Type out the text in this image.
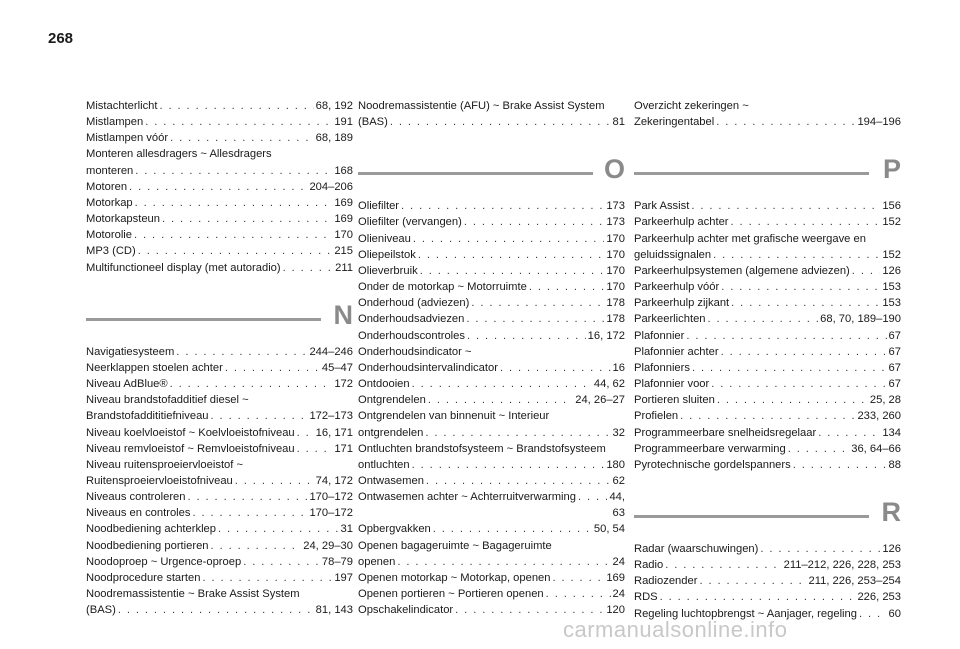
268
Mistachterlicht . . .	68, 192
Mistlampen . . .	191
Mistlampen vóór . . .	68, 189
Monteren allesdragers ~ Allesdragers
monteren . . .	168
Motoren . . .	204–206
Motorkap . . .	169
Motorkapsteun . . .	169
Motorolie . . .	170
MP3 (CD) . . .	215
Multifunctioneel display (met autoradio) . . .	211
N
Navigatiesysteem . . .	244–246
Neerklappen stoelen achter . . .	45–47
Niveau AdBlue® . . .	172
Niveau brandstofadditief diesel ~
Brandstofaddititiefniveau . . .	172–173
Niveau koelvloeistof ~ Koelvloeistofniveau . . . 16, 171
Niveau remvloeistof ~ Remvloeistofniveau . . .	171
Niveau ruitensproeiervloeistof ~
Ruitensproeiervloeistofniveau . . .	74, 172
Niveaus controleren . . .	170–172
Niveaus en controles . . .	170–172
Noodbediening achterklep . . .	31
Noodbediening portieren . . .	24, 29–30
Noodoproep ~ Urgence-oproep . . .	78–79
Noodprocedure starten . . .	197
Noodremassistentie ~ Brake Assist System
(BAS) . . .	81, 143
Noodremassistentie (AFU) ~ Brake Assist System
(BAS) . . .	81
O
Oliefilter . . .	173
Oliefilter (vervangen) . . .	173
Olieniveau . . .	170
Oliepeilstok . . .	170
Olieverbruik . . .	170
Onder de motorkap ~ Motorruimte . . .	170
Onderhoud (adviezen) . . .	178
Onderhoudsadviezen . . .	178
Onderhoudscontroles . . .	16, 172
Onderhoudsindicator ~
Onderhoudsintervalindicator . . .	16
Ontdooien . . .	44, 62
Ontgrendelen . . .	24, 26–27
Ontgrendelen van binnenuit ~ Interieur
ontgrendelen . . .	32
Ontluchten brandstofsysteem ~ Brandstofsysteem
ontluchten . . .	180
Ontwasemen . . .	62
Ontwasemen achter ~ Achterruitverwarming . . .	44,
63
Opbergvakken . . .	50, 54
Openen bagageruimte ~ Bagageruimte
openen . . .	24
Openen motorkap ~ Motorkap, openen . . .	169
Openen portieren ~ Portieren openen . . .	24
Opschakelindicator . . .	120
Overzicht zekeringen ~
Zekeringentabel . . .	194–196
P
Park Assist . . .	156
Parkeerhulp achter . . .	152
Parkeerhulp achter met grafische weergave en
geluidssignalen . . .	152
Parkeerhulpsystemen (algemene adviezen) . . .	126
Parkeerhulp vóór . . .	153
Parkeerhulp zijkant . . .	153
Parkeerlichten . . .	68, 70, 189–190
Plafonnier . . .	67
Plafonnier achter . . .	67
Plafonniers . . .	67
Plafonnier voor . . .	67
Portieren sluiten . . .	25, 28
Profielen . . .	233, 260
Programmeerbare snelheidsregelaar . . .	134
Programmeerbare verwarming . . .	36, 64–66
Pyrotechnische gordelspanners . . .	88
R
Radar (waarschuwingen) . . .	126
Radio . . .	211–212, 226, 228, 253
Radiozender . . .	211, 226, 253–254
RDS . . .	226, 253
Regeling luchtopbrengst ~ Aanjager, regeling . . .	60
carmanualsonline.info
